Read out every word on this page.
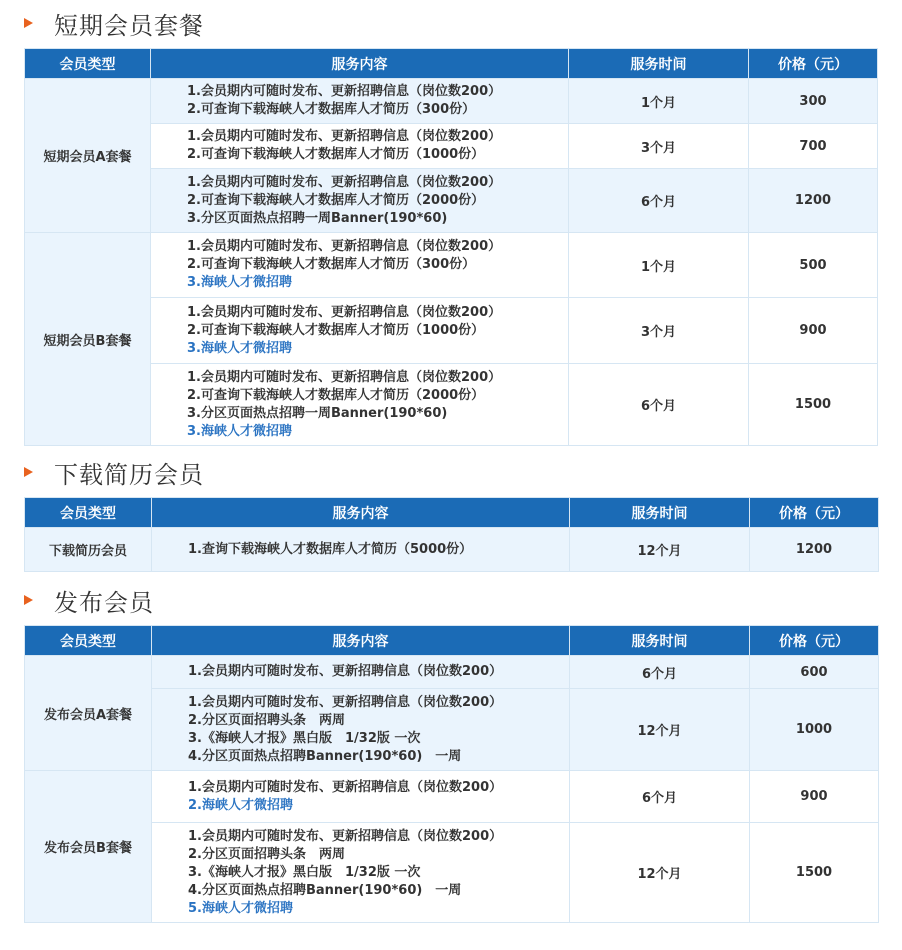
短期会员套餐
会员类型	服务内容	服务时间	价格（元）
短期会员A套餐	1.会员期内可随时发布、更新招聘信息（岗位数200）
2.可查询下载海峡人才数据库人才简历（300份）	1个月	300

	1.会员期内可随时发布、更新招聘信息（岗位数200）
2.可查询下载海峡人才数据库人才简历（1000份）	3个月	700

	1.会员期内可随时发布、更新招聘信息（岗位数200）
2.可查询下载海峡人才数据库人才简历（2000份）
3.分区页面热点招聘一周Banner(190*60)	6个月	1200
短期会员B套餐	1.会员期内可随时发布、更新招聘信息（岗位数200）
2.可查询下载海峡人才数据库人才简历（300份）
3.海峡人才微招聘	1个月	500

	1.会员期内可随时发布、更新招聘信息（岗位数200）
2.可查询下载海峡人才数据库人才简历（1000份）
3.海峡人才微招聘	3个月	900

	1.会员期内可随时发布、更新招聘信息（岗位数200）
2.可查询下载海峡人才数据库人才简历（2000份）
3.分区页面热点招聘一周Banner(190*60)
3.海峡人才微招聘	6个月	1500
下载简历会员
会员类型	服务内容	服务时间	价格（元）
下载简历会员	1.查询下载海峡人才数据库人才简历（5000份）	12个月	1200
发布会员
会员类型	服务内容	服务时间	价格（元）
发布会员A套餐	1.会员期内可随时发布、更新招聘信息（岗位数200）	6个月	600

	1.会员期内可随时发布、更新招聘信息（岗位数200）
2.分区页面招聘头条　两周
3.《海峡人才报》黑白版　1/32版 一次
4.分区页面热点招聘Banner(190*60)　一周	12个月	1000
发布会员B套餐	1.会员期内可随时发布、更新招聘信息（岗位数200）
2.海峡人才微招聘	6个月	900

	1.会员期内可随时发布、更新招聘信息（岗位数200）
2.分区页面招聘头条　两周
3.《海峡人才报》黑白版　1/32版 一次
4.分区页面热点招聘Banner(190*60)　一周
5.海峡人才微招聘	12个月	1500
